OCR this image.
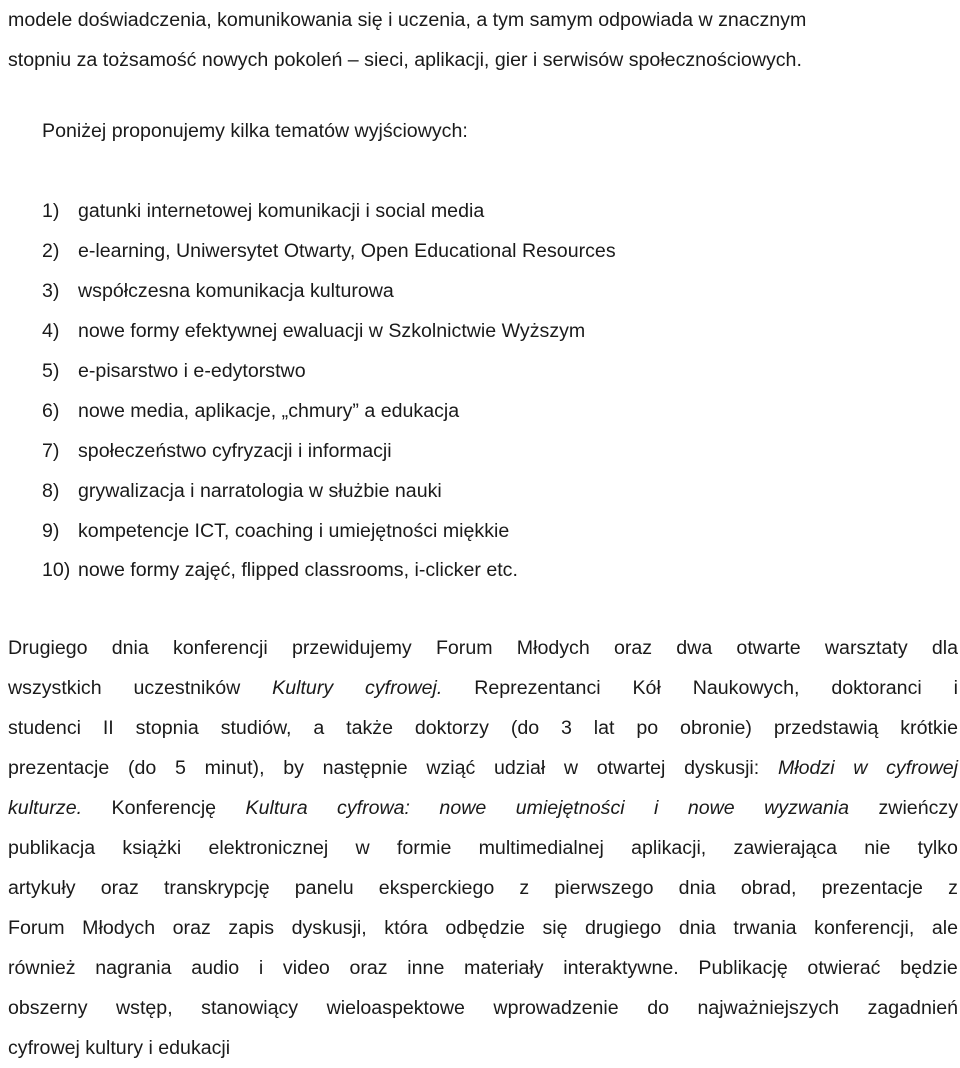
modele doświadczenia, komunikowania się i uczenia, a tym samym odpowiada w znacznym
stopniu za tożsamość nowych pokoleń – sieci, aplikacji, gier i serwisów społecznościowych.

Poniżej proponujemy kilka tematów wyjściowych:

1) gatunki internetowej komunikacji i social media
2) e-learning, Uniwersytet Otwarty, Open Educational Resources
3) współczesna komunikacja kulturowa
4) nowe formy efektywnej ewaluacji w Szkolnictwie Wyższym
5) e-pisarstwo i e-edytorstwo
6) nowe media, aplikacje, „chmury” a edukacja
7) społeczeństwo cyfryzacji i informacji
8) grywalizacja i narratologia w służbie nauki
9) kompetencje ICT, coaching i umiejętności miękkie
10) nowe formy zajęć, flipped classrooms, i-clicker etc.
Drugiego dnia konferencji przewidujemy Forum Młodych oraz dwa otwarte warsztaty dla
wszystkich uczestników Kultury cyfrowej. Reprezentanci Kół Naukowych, doktoranci i
studenci II stopnia studiów, a także doktorzy (do 3 lat po obronie) przedstawią krótkie
prezentacje (do 5 minut), by następnie wziąć udział w otwartej dyskusji: Młodzi w cyfrowej
kulturze. Konferencję Kultura cyfrowa: nowe umiejętności i nowe wyzwania zwieńczy
publikacja książki elektronicznej w formie multimedialnej aplikacji, zawierająca nie tylko
artykuły oraz transkrypcję panelu eksperckiego z pierwszego dnia obrad, prezentacje z
Forum Młodych oraz zapis dyskusji, która odbędzie się drugiego dnia trwania konferencji, ale
również nagrania audio i video oraz inne materiały interaktywne. Publikację otwierać będzie
obszerny wstęp, stanowiący wieloaspektowe wprowadzenie do najważniejszych zagadnień
cyfrowej kultury i edukacji
